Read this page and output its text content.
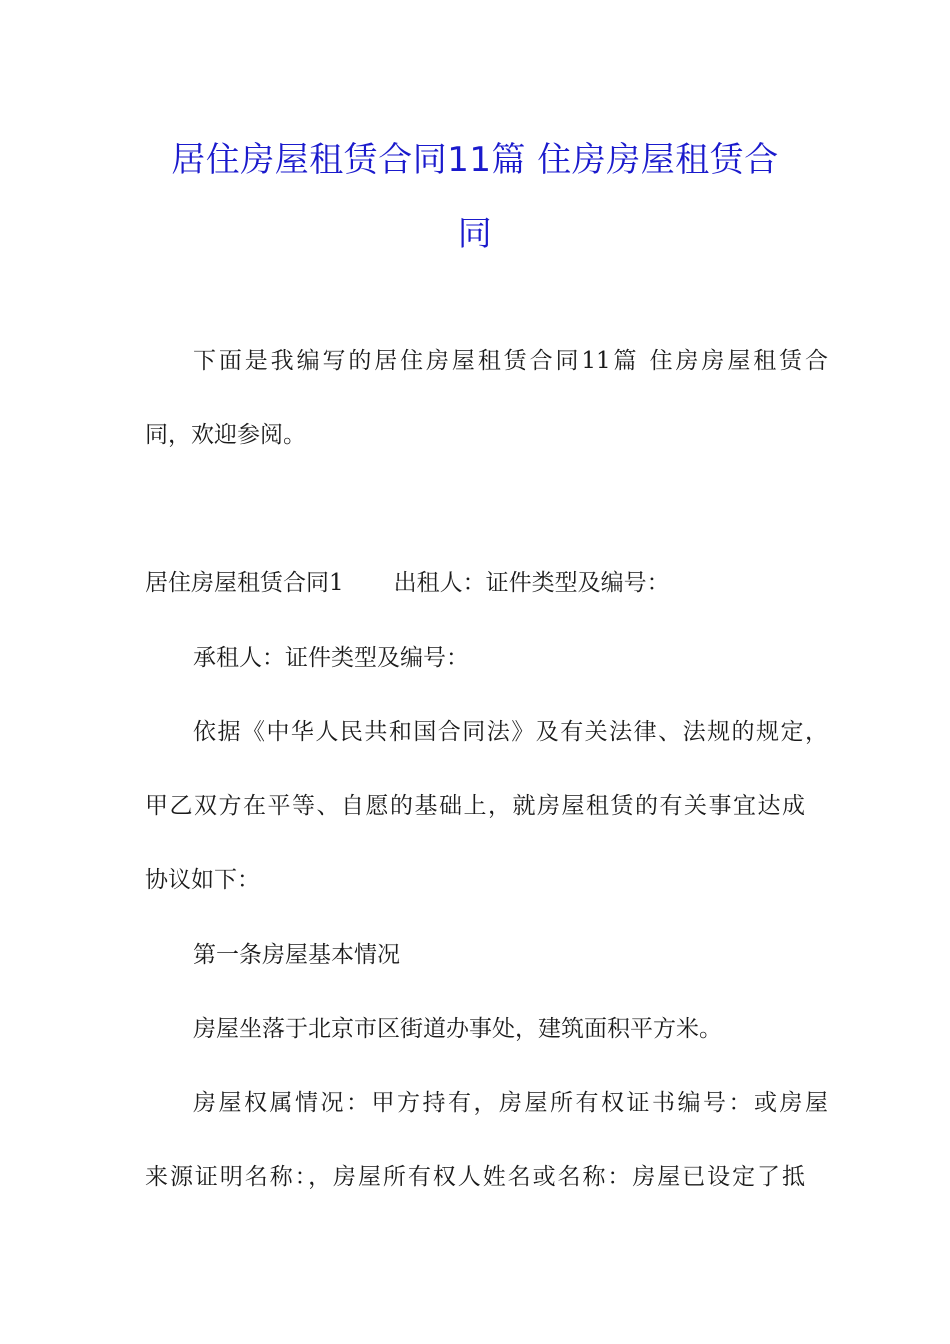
居住房屋租赁合同11篇 住房房屋租赁合
同
下面是我编写的居住房屋租赁合同11篇 住房房屋租赁合
同，欢迎参阅。
居住房屋租赁合同1 出租人：证件类型及编号：
承租人：证件类型及编号：
依据《中华人民共和国合同法》及有关法律、法规的规定，
甲乙双方在平等、自愿的基础上，就房屋租赁的有关事宜达成
协议如下：
第一条房屋基本情况
房屋坐落于北京市区街道办事处，建筑面积平方米。
房屋权属情况：甲方持有，房屋所有权证书编号：或房屋
来源证明名称：，房屋所有权人姓名或名称：房屋已设定了抵
